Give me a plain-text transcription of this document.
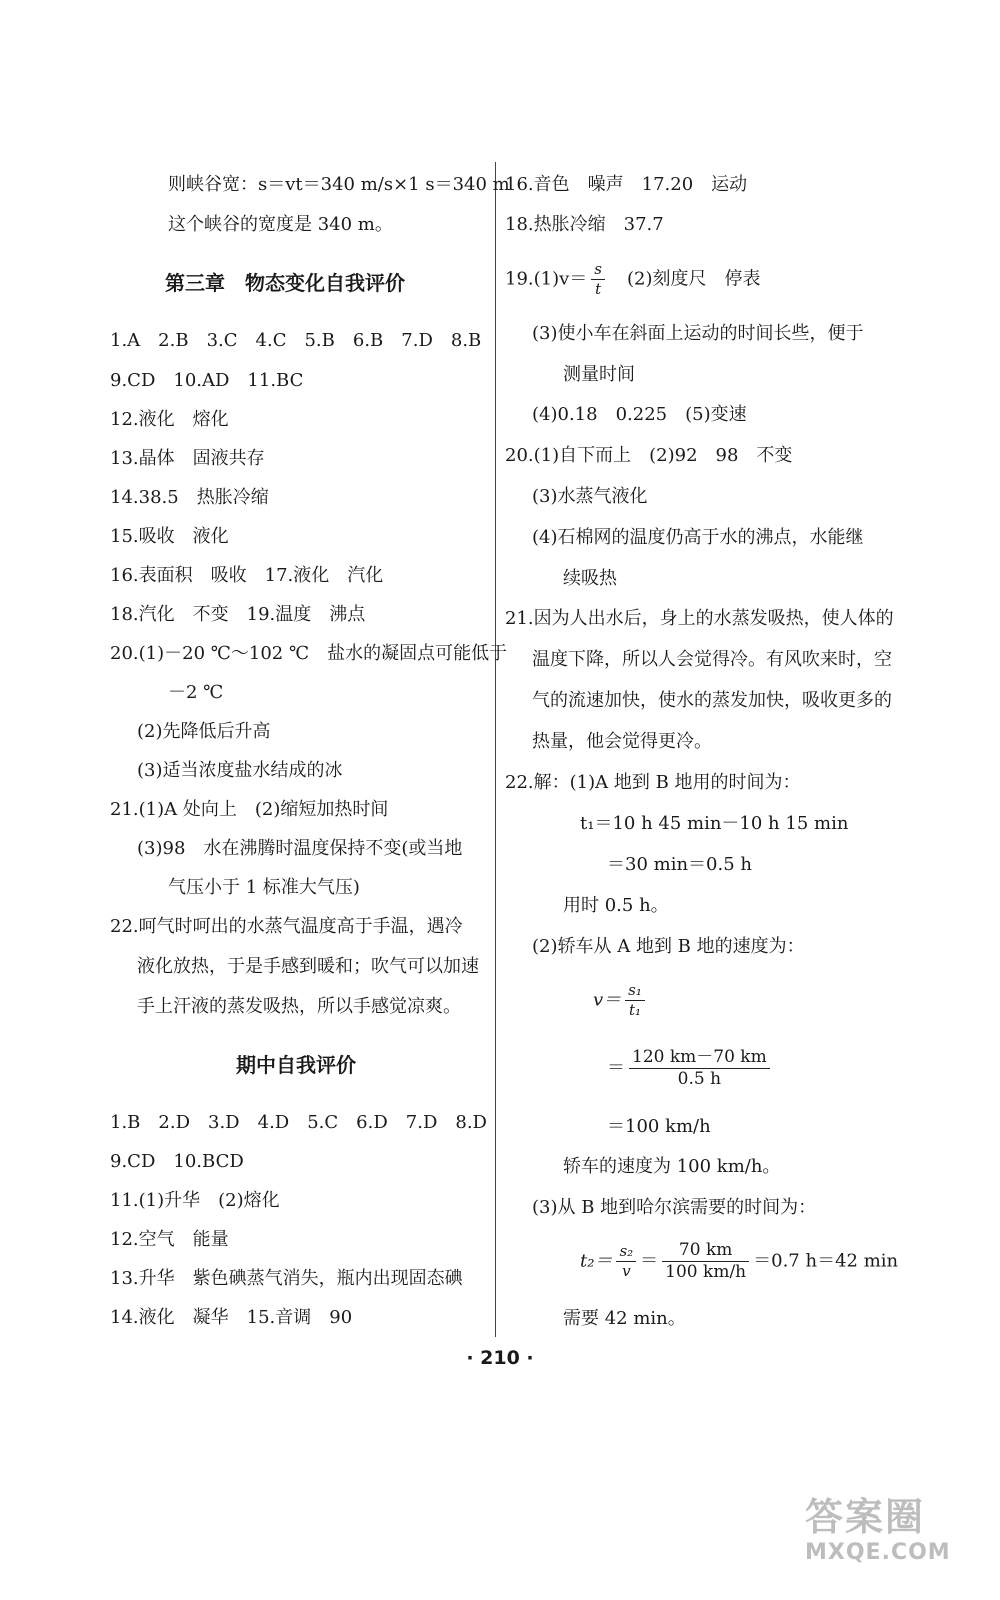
则峡谷宽：s＝vt＝340 m/s×1 s＝340 m
这个峡谷的宽度是 340 m。
第三章　物态变化自我评价
1.A　2.B　3.C　4.C　5.B　6.B　7.D　8.B
9.CD　10.AD　11.BC
12.液化　熔化
13.晶体　固液共存
14.38.5　热胀冷缩
15.吸收　液化
16.表面积　吸收　17.液化　汽化
18.汽化　不变　19.温度　沸点
20.(1)－20 ℃～102 ℃　盐水的凝固点可能低于
－2 ℃
(2)先降低后升高
(3)适当浓度盐水结成的冰
21.(1)A 处向上　(2)缩短加热时间
(3)98　水在沸腾时温度保持不变(或当地
气压小于 1 标准大气压)
22.呵气时呵出的水蒸气温度高于手温，遇冷
液化放热，于是手感到暖和；吹气可以加速
手上汗液的蒸发吸热，所以手感觉凉爽。
期中自我评价
1.B　2.D　3.D　4.D　5.C　6.D　7.D　8.D
9.CD　10.BCD
11.(1)升华　(2)熔化
12.空气　能量
13.升华　紫色碘蒸气消失，瓶内出现固态碘
14.液化　凝华　15.音调　90
16.音色　噪声　17.20　运动
18.热胀冷缩　37.7
$19.(1)v= \frac{s}{t}$ 　(2)刻度尺　停表
(3)使小车在斜面上运动的时间长些，便于
测量时间
(4)0.18　0.225　(5)变速
20.(1)自下而上　(2)92　98　不变
(3)水蒸气液化
(4)石棉网的温度仍高于水的沸点，水能继
续吸热
21.因为人出水后，身上的水蒸发吸热，使人体的
温度下降，所以人会觉得冷。有风吹来时，空
气的流速加快，使水的蒸发加快，吸收更多的
热量，他会觉得更冷。
22.解：(1)A 地到 B 地用的时间为：
t₁＝10 h 45 min－10 h 15 min
＝30 min＝0.5 h
用时 0.5 h。
(2)轿车从 A 地到 B 地的速度为：
$v= \frac{\text{s₁}}{\text{t₁}}$
＝ $\frac{120 km-70 km}{0.5 h}$
＝100 km/h
轿车的速度为 100 km/h。
(3)从 B 地到哈尔滨需要的时间为：
$t_2= \frac{\text{s₂}}{v} = \frac{70 km}{100 km/h} =0.7$ h＝42 min
需要 42 min。
· 210 ·
答案圈
MXQE.COM
